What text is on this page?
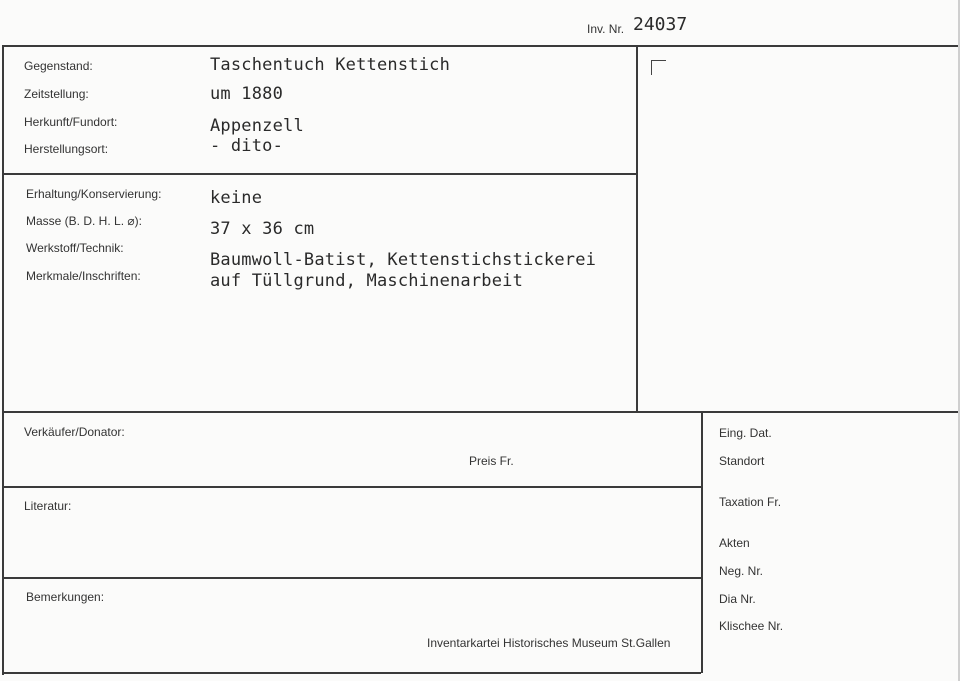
Inv. Nr. 24037
Gegenstand:
Zeitstellung:
Herkunft/Fundort:
Herstellungsort:
Taschentuch Kettenstich
um 1880
Appenzell
- dito-
Erhaltung/Konservierung:
Masse (B. D. H. L. ⌀):
Werkstoff/Technik:
Merkmale/Inschriften:
keine
37 x 36 cm
Baumwoll-Batist, Kettenstichstickerei
auf Tüllgrund, Maschinenarbeit
Verkäufer/Donator:
Preis Fr.
Literatur:
Bemerkungen:
Inventarkartei Historisches Museum St.Gallen
Eing. Dat.
Standort
Taxation Fr.
Akten
Neg. Nr.
Dia Nr.
Klischee Nr.
